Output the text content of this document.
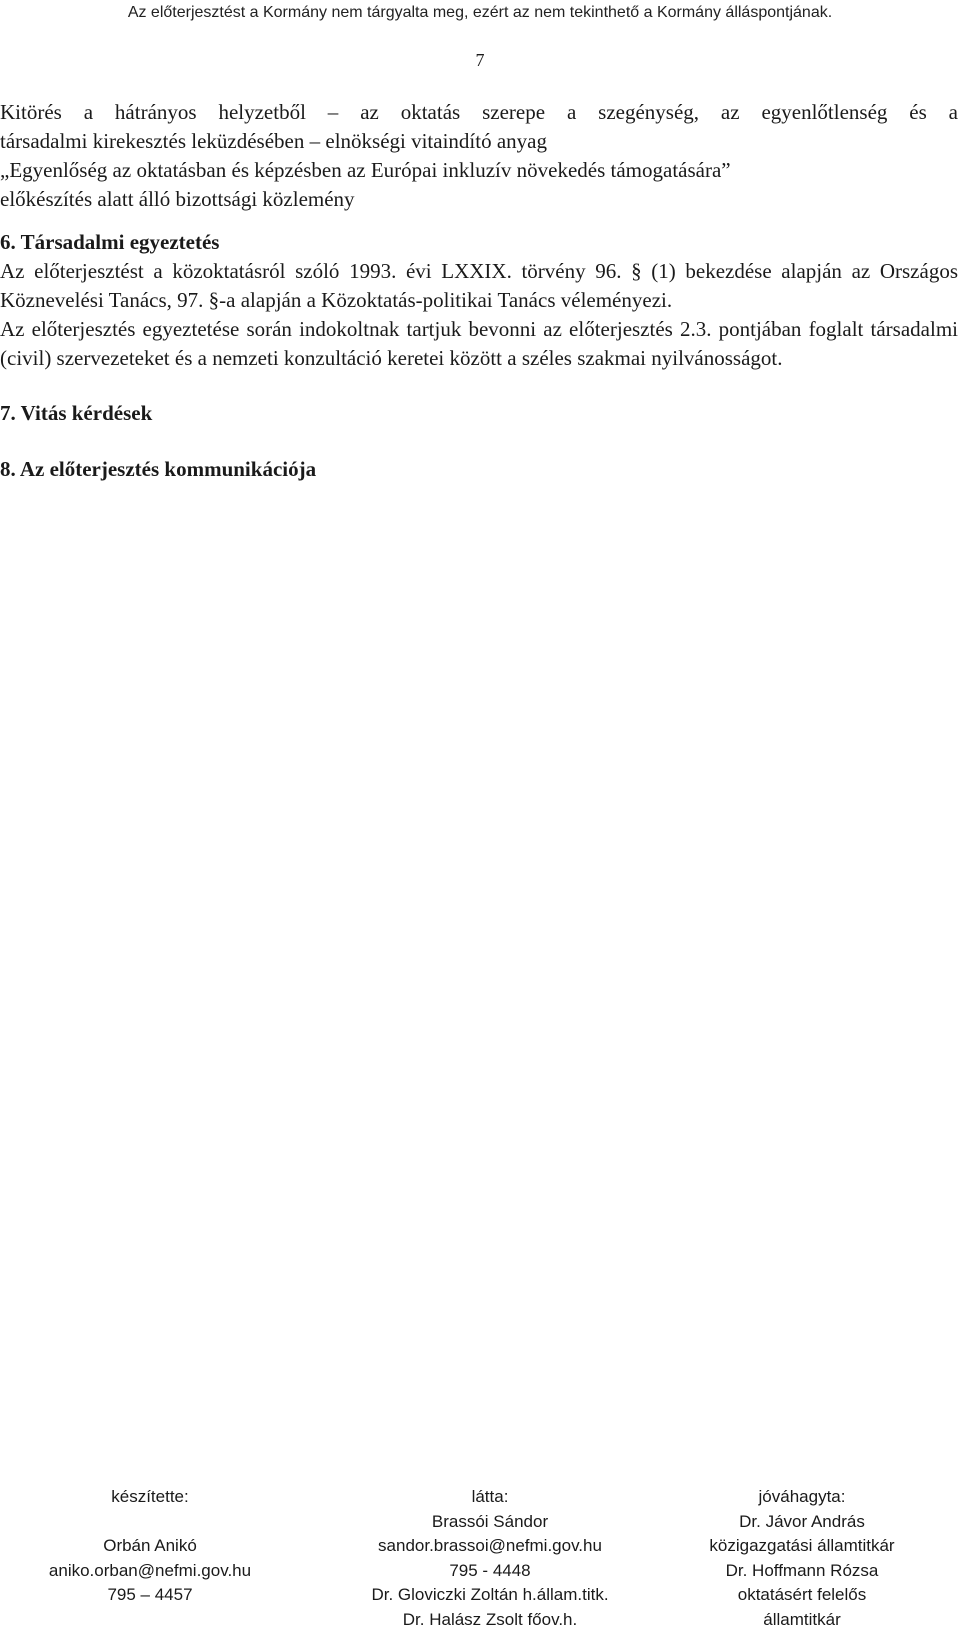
Az előterjesztést a Kormány nem tárgyalta meg, ezért az nem tekinthető a Kormány álláspontjának.
7

Kitörés a hátrányos helyzetből – az oktatás szerepe a szegénység, az egyenlőtlenség és a

társadalmi kirekesztés leküzdésében – elnökségi vitaindító anyag

„Egyenlőség az oktatásban és képzésben az Európai inkluzív növekedés támogatására”

előkészítés alatt álló bizottsági közlemény

6. Társadalmi egyeztetés

Az előterjesztést a közoktatásról szóló 1993. évi LXXIX. törvény 96. § (1) bekezdése alapján az Országos Köznevelési Tanács, 97. §-a alapján a Közoktatás-politikai Tanács véleményezi.

Az előterjesztés egyeztetése során indokoltnak tartjuk bevonni az előterjesztés 2.3. pontjában foglalt társadalmi (civil) szervezeteket és a nemzeti konzultáció keretei között a széles szakmai nyilvánosságot.

7. Vitás kérdések

8. Az előterjesztés kommunikációja

készítette:
Orbán Anikó
aniko.orban@nefmi.gov.hu
795 – 4457
látta:
Brassói Sándor
sandor.brassoi@nefmi.gov.hu
795 - 4448
Dr. Gloviczki Zoltán h.állam.titk.
Dr. Halász Zsolt főov.h.
jóváhagyta:
Dr. Jávor András
közigazgatási államtitkár
Dr. Hoffmann Rózsa
oktatásért felelős
államtitkár
